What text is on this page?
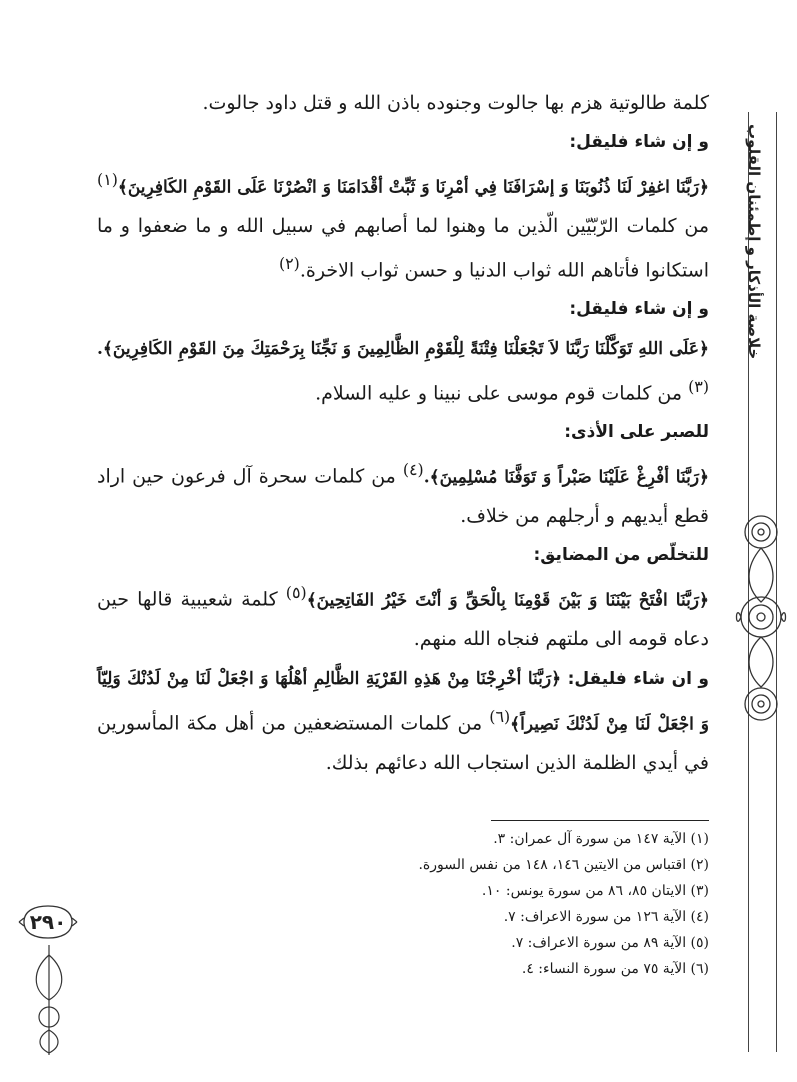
خلاصة الأذكار و إطمئنان القلوب
٢٩٠

كلمة طالوتية هزم بها جالوت وجنوده باذن الله و قتل داود جالوت.

و إن شاء فليقل:

﴿رَبَّنَا اغفِرْ لَنَا ذُنُوبَنَا وَ إسْرَافَنَا فِي أمْرِنَا وَ ثَبِّتْ أقْدَامَنَا وَ انْصُرْنَا عَلَى القَوْمِ الكَافِرِينَ﴾$^{(١)}$ من كلمات الرّبّيّين الّذين ما وهنوا لما أصابهم في سبيل الله و ما ضعفوا و ما استكانوا فأتاهم الله ثواب الدنيا و حسن ثواب الاخرة.$^{(٢)}$

و إن شاء فليقل:

﴿عَلَى اللهِ تَوَكَّلْنَا رَبَّنَا لاَ تَجْعَلْنَا فِتْنَةً لِلْقَوْمِ الظَّالِمِينَ وَ نَجِّنَا بِرَحْمَتِكَ مِنَ القَوْمِ الكَافِرِينَ﴾.$^{(٣)}$ من كلمات قوم موسى على نبينا و عليه السلام.

للصبر على الأذى:

﴿رَبَّنَا أفْرِغْ عَلَيْنَا صَبْراً وَ تَوَفَّنَا مُسْلِمِينَ﴾.$^{(٤)}$ من كلمات سحرة آل فرعون حين اراد قطع أيديهم و أرجلهم من خلاف.

للتخلّص من المضايق:

﴿رَبَّنَا افْتَحْ بَيْنَنَا وَ بَيْنَ قَوْمِنَا بِالْحَقِّ وَ أنْتَ خَيْرُ الفَاتِحِينَ﴾$^{(٥)}$ كلمة شعيبية قالها حين دعاه قومه الى ملتهم فنجاه الله منهم.

و ان شاء فليقل: ﴿رَبَّنَا أخْرِجْنَا مِنْ هَذِهِ القَرْيَةِ الظَّالِمِ أهْلُهَا وَ اجْعَلْ لَنَا مِنْ لَدُنْكَ وَلِيّاً وَ اجْعَلْ لَنَا مِنْ لَدُنْكَ نَصِيراً﴾$^{(٦)}$ من كلمات المستضعفين من أهل مكة المأسورين في أيدي الظلمة الذين استجاب الله دعائهم بذلك.

(١) الآية ١٤٧ من سورة آل عمران: ٣.
(٢) اقتباس من الايتين ١٤٦، ١٤٨ من نفس السورة.
(٣) الايتان ٨٥، ٨٦ من سورة يونس: ١٠.
(٤) الآية ١٢٦ من سورة الاعراف: ٧.
(٥) الآية ٨٩ من سورة الاعراف: ٧.
(٦) الآية ٧٥ من سورة النساء: ٤.
